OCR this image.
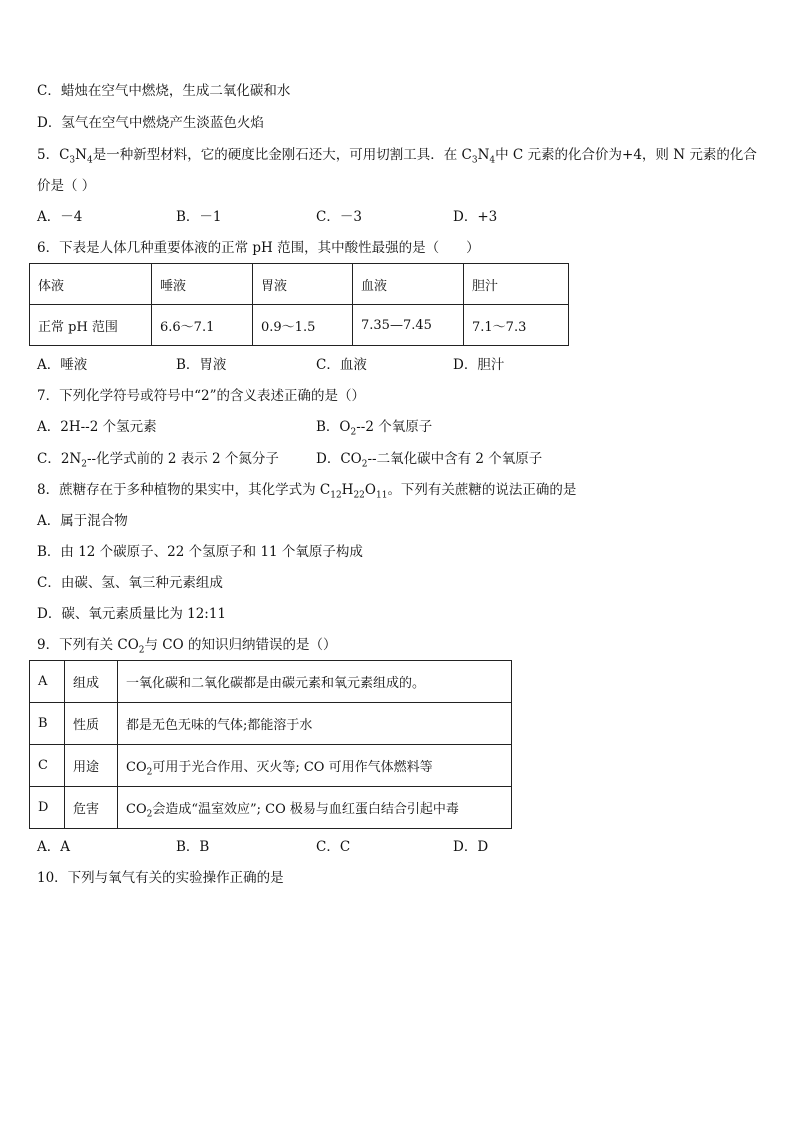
C．蜡烛在空气中燃烧，生成二氧化碳和水
D．氢气在空气中燃烧产生淡蓝色火焰
5．$C_3N_4$是一种新型材料，它的硬度比金刚石还大，可用切割工具．在 $C_3N_4$中 C 元素的化合价为+4，则 N 元素的化合
价是（ ）
A．－4	B．－1	C．－3	D．+3
6．下表是人体几种重要体液的正常 pH 范围，其中酸性最强的是（　　）
体液	唾液	胃液	血液	胆汁
正常 pH 范围	6.6～7.1	0.9～1.5	7.35—7.45	7.1～7.3
A．唾液	B．胃液	C．血液	D．胆汁
7．下列化学符号或符号中“2”的含义表述正确的是（）
A．2H--2 个氢元素	B．$O_2--2$ 个氧原子
C．$2N_2--$化学式前的 2 表示 2 个氮分子	D．$CO_2--$二氧化碳中含有 2 个氧原子
8．蔗糖存在于多种植物的果实中，其化学式为 $C_{12}H_{22}O_{11}$。下列有关蔗糖的说法正确的是
A．属于混合物
B．由 12 个碳原子、22 个氢原子和 11 个氧原子构成
C．由碳、氢、氧三种元素组成
D．碳、氧元素质量比为 12:11
9．下列有关 $CO_2$与 CO 的知识归纳错误的是（）
A	组成	一氧化碳和二氧化碳都是由碳元素和氧元素组成的。
B	性质	都是无色无味的气体;都能溶于水
C	用途	$CO_2$可用于光合作用、灭火等; CO 可用作气体燃料等
D	危害	$CO_2$会造成“温室效应”; CO 极易与血红蛋白结合引起中毒
A．A	B．B	C．C	D．D
10．下列与氧气有关的实验操作正确的是
